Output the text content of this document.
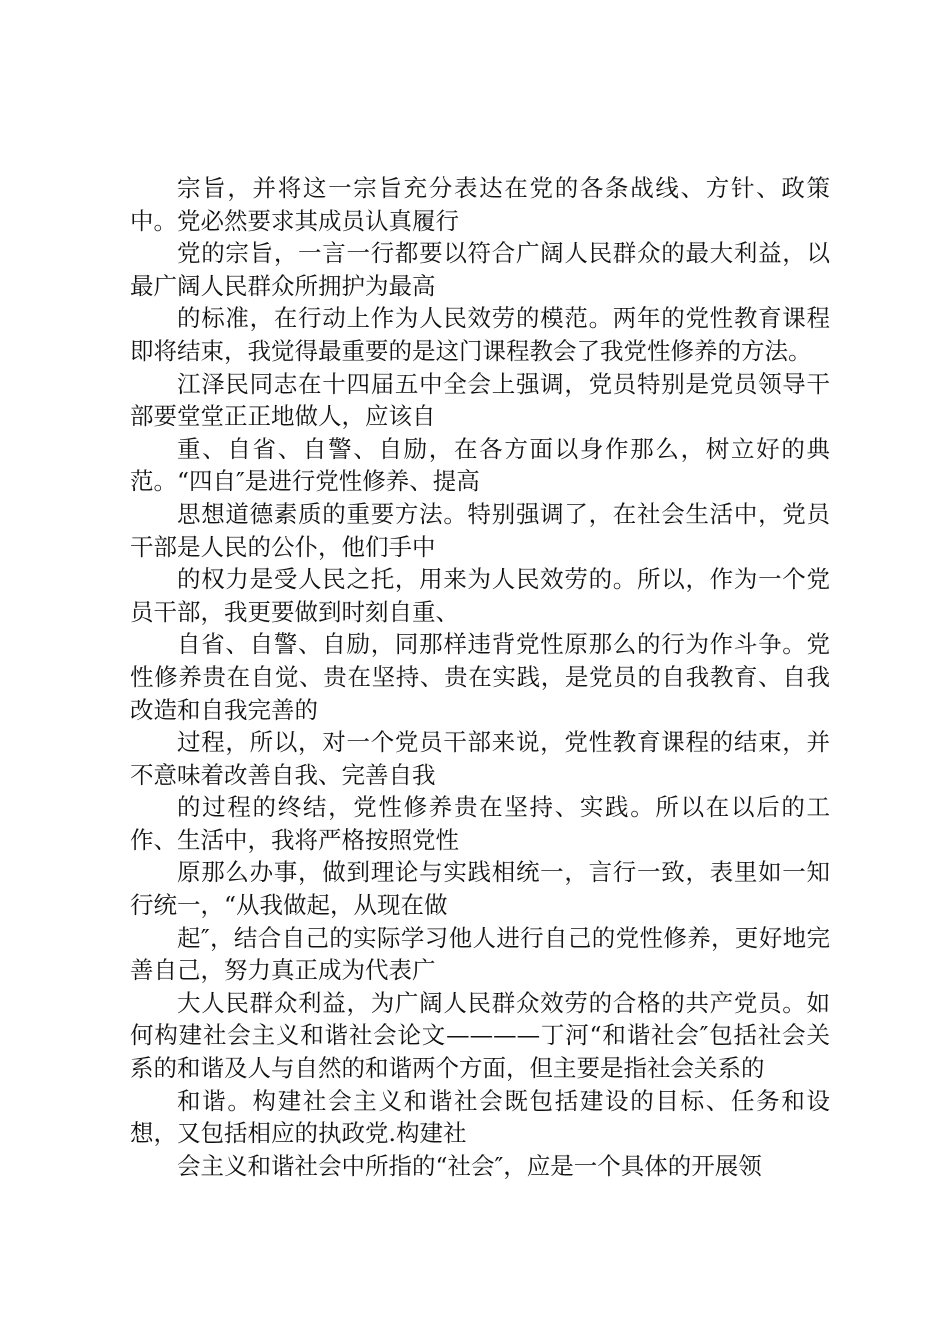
宗旨，并将这一宗旨充分表达在党的各条战线、方针、政策中。党必然要求其成员认真履行

党的宗旨，一言一行都要以符合广阔人民群众的最大利益，以最广阔人民群众所拥护为最高

的标准，在行动上作为人民效劳的模范。两年的党性教育课程即将结束，我觉得最重要的是这门课程教会了我党性修养的方法。

江泽民同志在十四届五中全会上强调，党员特别是党员领导干部要堂堂正正地做人，应该自

重、自省、自警、自励，在各方面以身作那么，树立好的典范。“四自″是进行党性修养、提高

思想道德素质的重要方法。特别强调了，在社会生活中，党员干部是人民的公仆，他们手中

的权力是受人民之托，用来为人民效劳的。所以，作为一个党员干部，我更要做到时刻自重、

自省、自警、自励，同那样违背党性原那么的行为作斗争。党性修养贵在自觉、贵在坚持、贵在实践，是党员的自我教育、自我改造和自我完善的

过程，所以，对一个党员干部来说，党性教育课程的结束，并不意味着改善自我、完善自我

的过程的终结，党性修养贵在坚持、实践。所以在以后的工作、生活中，我将严格按照党性

原那么办事，做到理论与实践相统一，言行一致，表里如一知行统一，“从我做起，从现在做

起″，结合自己的实际学习他人进行自己的党性修养，更好地完善自己，努力真正成为代表广

大人民群众利益，为广阔人民群众效劳的合格的共产党员。如何构建社会主义和谐社会论文————丁河“和谐社会″包括社会关系的和谐及人与自然的和谐两个方面，但主要是指社会关系的

和谐。构建社会主义和谐社会既包括建设的目标、任务和设想，又包括相应的执政党.构建社

会主义和谐社会中所指的“社会″，应是一个具体的开展领
